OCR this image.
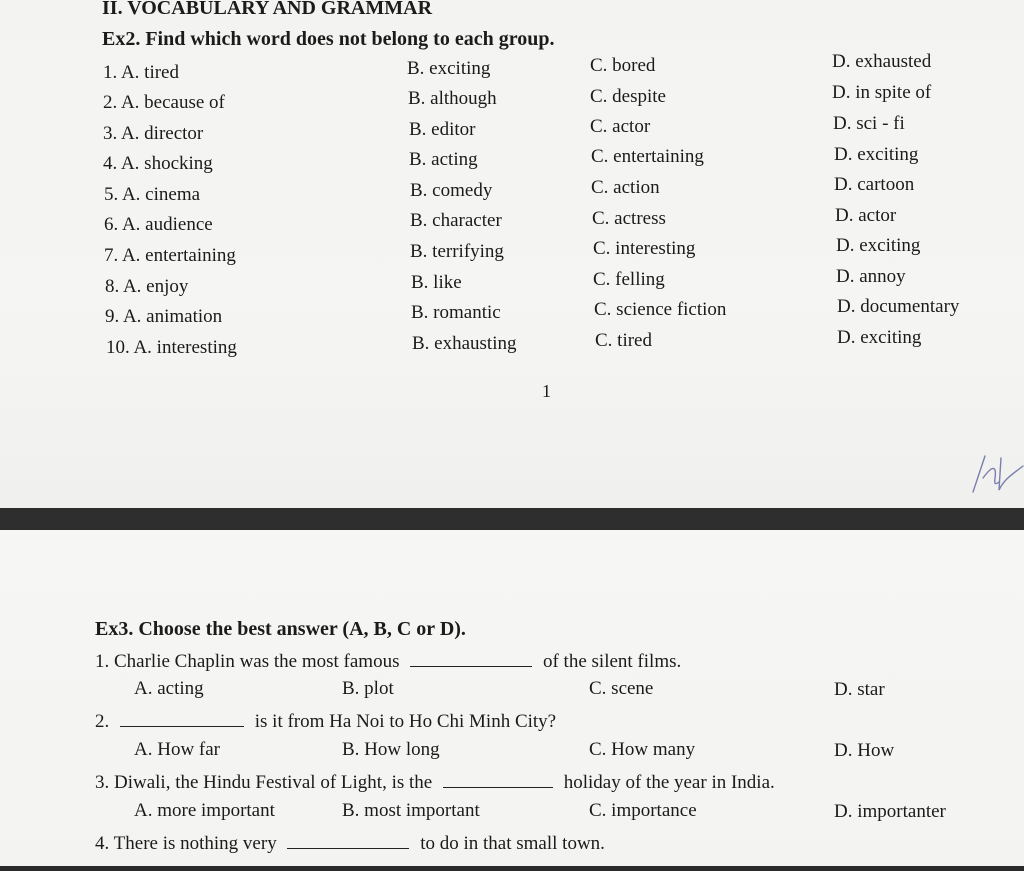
II. VOCABULARY AND GRAMMAR
Ex2. Find which word does not belong to each group.
1. A. tired	B. exciting	C. bored	D. exhausted
2. A. because of	B. although	C. despite	D. in spite of
3. A. director	B. editor	C. actor	D. sci - fi
4. A. shocking	B. acting	C. entertaining	D. exciting
5. A. cinema	B. comedy	C. action	D. cartoon
6. A. audience	B. character	C. actress	D. actor
7. A. entertaining	B. terrifying	C. interesting	D. exciting
8. A. enjoy	B. like	C. felling	D. annoy
9. A. animation	B. romantic	C. science fiction	D. documentary
10. A. interesting	B. exhausting	C. tired	D. exciting
1
Ex3. Choose the best answer (A, B, C or D).
1. Charlie Chaplin was the most famous	of the silent films.
A. acting	B. plot	C. scene	D. star
2.	is it from Ha Noi to Ho Chi Minh City?
A. How far	B. How long	C. How many	D. How
3. Diwali, the Hindu Festival of Light, is the	holiday of the year in India.
A. more important	B. most important	C. importance	D. importanter
4. There is nothing very	to do in that small town.
